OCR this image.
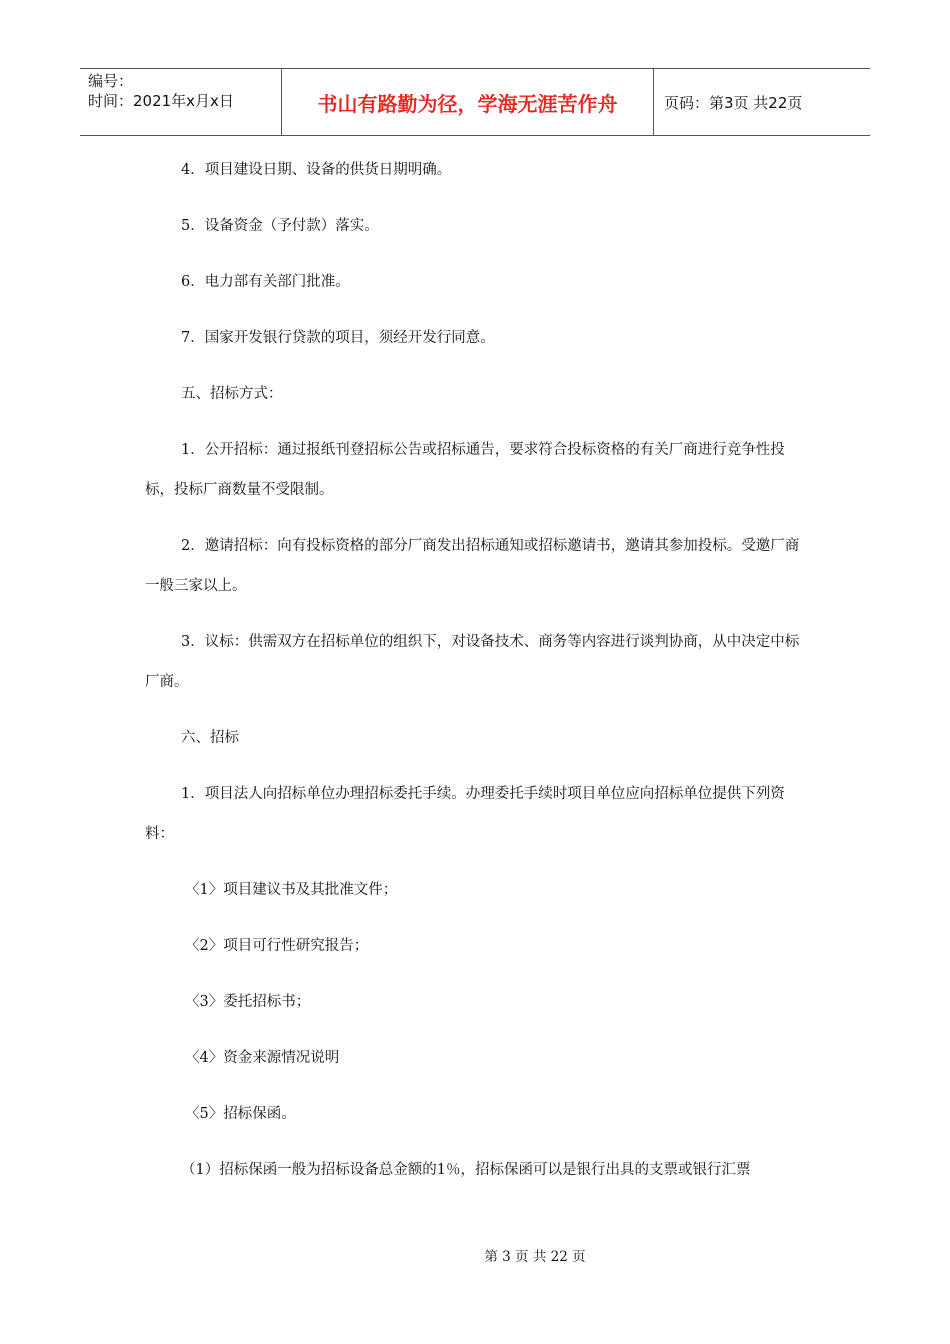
编号：
时间：2021年x月x日	书山有路勤为径，学海无涯苦作舟	页码：第3页 共22页

4．项目建设日期、设备的供货日期明确。

5．设备资金（予付款）落实。

6．电力部有关部门批准。

7．国家开发银行贷款的项目，须经开发行同意。

五、招标方式：

1．公开招标：通过报纸刊登招标公告或招标通告，要求符合投标资格的有关厂商进行竞争性投标，投标厂商数量不受限制。

2．邀请招标：向有投标资格的部分厂商发出招标通知或招标邀请书，邀请其参加投标。受邀厂商一般三家以上。

3．议标：供需双方在招标单位的组织下，对设备技术、商务等内容进行谈判协商，从中决定中标厂商。

六、招标

1．项目法人向招标单位办理招标委托手续。办理委托手续时项目单位应向招标单位提供下列资料：

〈1〉项目建议书及其批准文件；

〈2〉项目可行性研究报告；

〈3〉委托招标书；

〈4〉资金来源情况说明

〈5〉招标保函。

（1）招标保函一般为招标设备总金额的1％，招标保函可以是银行出具的支票或银行汇票

第 3 页 共 22 页
